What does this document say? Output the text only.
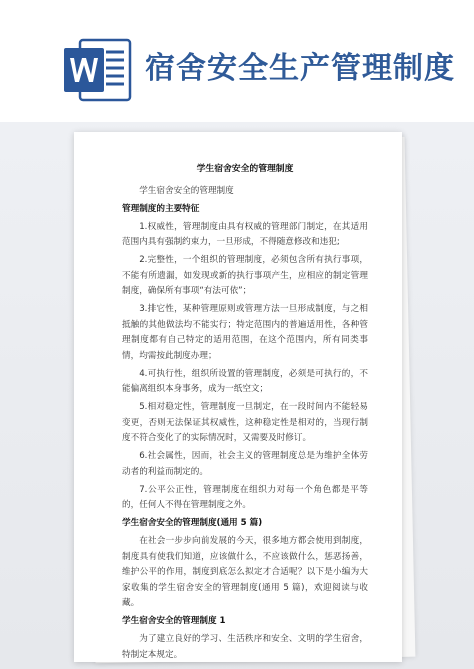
宿舍安全生产管理制度
学生宿舍安全的管理制度
学生宿舍安全的管理制度
管理制度的主要特征
1.权威性，管理制度由具有权威的管理部门制定，在其适用范围内具有强制约束力，一旦形成，不得随意修改和违犯;
2.完整性，一个组织的管理制度，必须包含所有执行事项，不能有所遗漏，如发现或新的执行事项产生，应相应的制定管理制度，确保所有事项“有法可依”；
3.排它性，某种管理原则或管理方法一旦形成制度，与之相抵触的其他做法均不能实行；特定范围内的普遍适用性，各种管理制度都有自己特定的适用范围，在这个范围内，所有同类事情，均需按此制度办理；
4.可执行性，组织所设置的管理制度，必须是可执行的，不能偏离组织本身事务，成为一纸空文；
5.相对稳定性，管理制度一旦制定，在一段时间内不能轻易变更，否则无法保证其权威性，这种稳定性是相对的，当现行制度不符合变化了的实际情况时，又需要及时修订。
6.社会属性，因而，社会主义的管理制度总是为维护全体劳动者的利益而制定的。
7.公平公正性，管理制度在组织力对每一个角色都是平等的，任何人不得在管理制度之外。
学生宿舍安全的管理制度(通用 5 篇)
在社会一步步向前发展的今天，很多地方都会使用到制度，制度具有使我们知道，应该做什么，不应该做什么，惩恶扬善，维护公平的作用，制度到底怎么拟定才合适呢？以下是小编为大家收集的学生宿舍安全的管理制度(通用 5 篇)，欢迎阅读与收藏。
学生宿舍安全的管理制度 1
为了建立良好的学习、生活秩序和安全、文明的学生宿舍，特制定本规定。
